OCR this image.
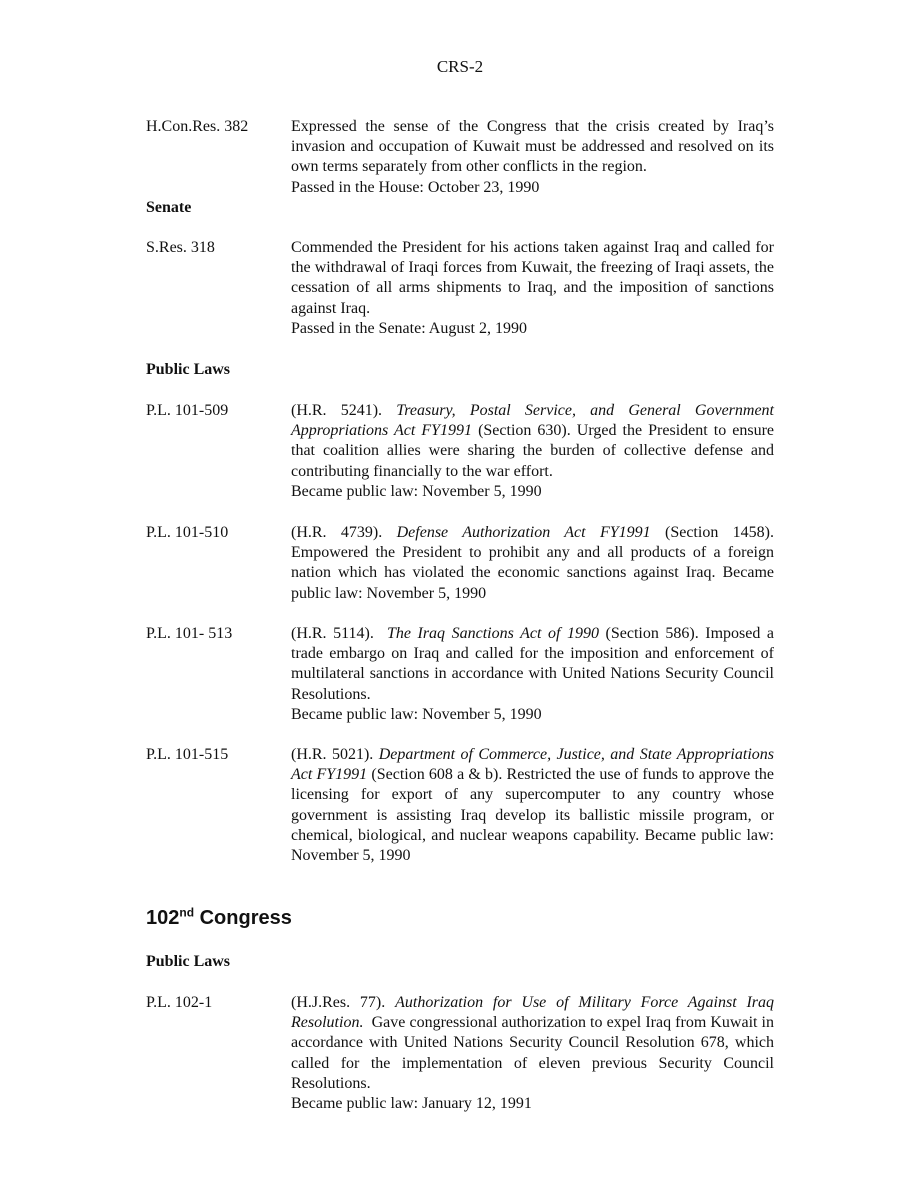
CRS-2
H.Con.Res. 382	Expressed the sense of the Congress that the crisis created by Iraq’s invasion and occupation of Kuwait must be addressed and resolved on its own terms separately from other conflicts in the region.

Passed in the House: October 23, 1990

Senate
S.Res. 318	Commended the President for his actions taken against Iraq and called for the withdrawal of Iraqi forces from Kuwait, the freezing of Iraqi assets, the cessation of all arms shipments to Iraq, and the imposition of sanctions against Iraq.

Passed in the Senate: August 2, 1990

Public Laws
P.L. 101-509	(H.R. 5241). Treasury, Postal Service, and General Government Appropriations Act FY1991 (Section 630). Urged the President to ensure that coalition allies were sharing the burden of collective defense and contributing financially to the war effort.

Became public law: November 5, 1990

P.L. 101-510	(H.R. 4739). Defense Authorization Act FY1991 (Section 1458). Empowered the President to prohibit any and all products of a foreign nation which has violated the economic sanctions against Iraq. Became public law: November 5, 1990

P.L. 101- 513	(H.R. 5114). The Iraq Sanctions Act of 1990 (Section 586). Imposed a trade embargo on Iraq and called for the imposition and enforcement of multilateral sanctions in accordance with United Nations Security Council Resolutions.

Became public law: November 5, 1990

P.L. 101-515	(H.R. 5021). Department of Commerce, Justice, and State Appropriations Act FY1991 (Section 608 a & b). Restricted the use of funds to approve the licensing for export of any supercomputer to any country whose government is assisting Iraq develop its ballistic missile program, or chemical, biological, and nuclear weapons capability. Became public law: November 5, 1990

102nd Congress
Public Laws
P.L. 102-1	(H.J.Res. 77). Authorization for Use of Military Force Against Iraq Resolution. Gave congressional authorization to expel Iraq from Kuwait in accordance with United Nations Security Council Resolution 678, which called for the implementation of eleven previous Security Council Resolutions.

Became public law: January 12, 1991
